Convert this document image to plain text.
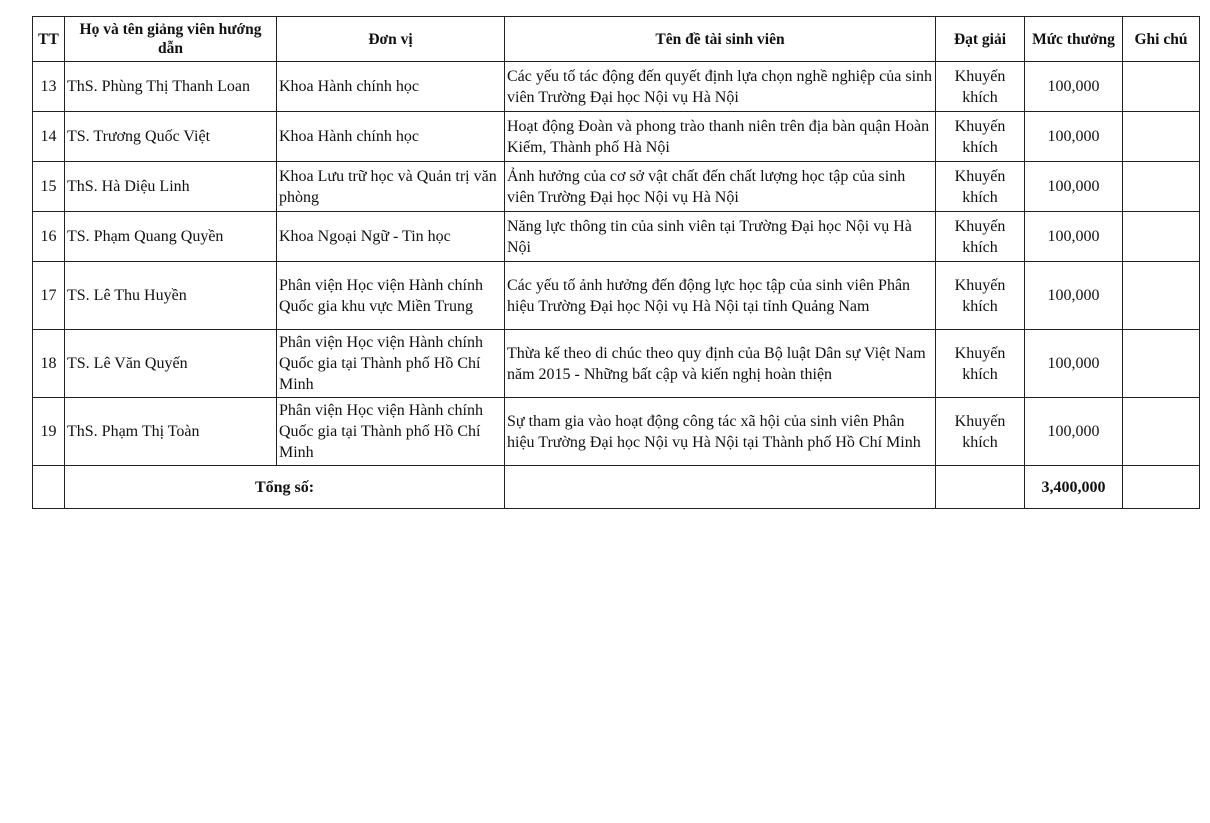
TT	Họ và tên giảng viên hướng dẫn	Đơn vị	Tên đề tài sinh viên	Đạt giải	Mức thưởng	Ghi chú
13	ThS. Phùng Thị Thanh Loan	Khoa Hành chính học	Các yếu tố tác động đến quyết định lựa chọn nghề nghiệp của sinh viên Trường Đại học Nội vụ Hà Nội	Khuyến khích	100,000	
14	TS. Trương Quốc Việt	Khoa Hành chính học	Hoạt động Đoàn và phong trào thanh niên trên địa bàn quận Hoàn Kiếm, Thành phố Hà Nội	Khuyến khích	100,000	
15	ThS. Hà Diệu Linh	Khoa Lưu trữ học và Quản trị văn phòng	Ảnh hưởng của cơ sở vật chất đến chất lượng học tập của sinh viên Trường Đại học Nội vụ Hà Nội	Khuyến khích	100,000	
16	TS. Phạm Quang Quyền	Khoa Ngoại Ngữ - Tin học	Năng lực thông tin của sinh viên tại Trường Đại học Nội vụ Hà Nội	Khuyến khích	100,000	
17	TS. Lê Thu Huyền	Phân viện Học viện Hành chính Quốc gia khu vực Miền Trung	Các yếu tố ảnh hưởng đến động lực học tập của sinh viên Phân hiệu Trường Đại học Nội vụ Hà Nội tại tỉnh Quảng Nam	Khuyến khích	100,000	
18	TS. Lê Văn Quyến	Phân viện Học viện Hành chính Quốc gia tại Thành phố Hồ Chí Minh	Thừa kế theo di chúc theo quy định của Bộ luật Dân sự Việt Nam năm 2015 - Những bất cập và kiến nghị hoàn thiện	Khuyến khích	100,000	
19	ThS. Phạm Thị Toàn	Phân viện Học viện Hành chính Quốc gia tại Thành phố Hồ Chí Minh	Sự tham gia vào hoạt động công tác xã hội của sinh viên Phân hiệu Trường Đại học Nội vụ Hà Nội tại Thành phố Hồ Chí Minh	Khuyến khích	100,000	
	Tổng số:				3,400,000	
